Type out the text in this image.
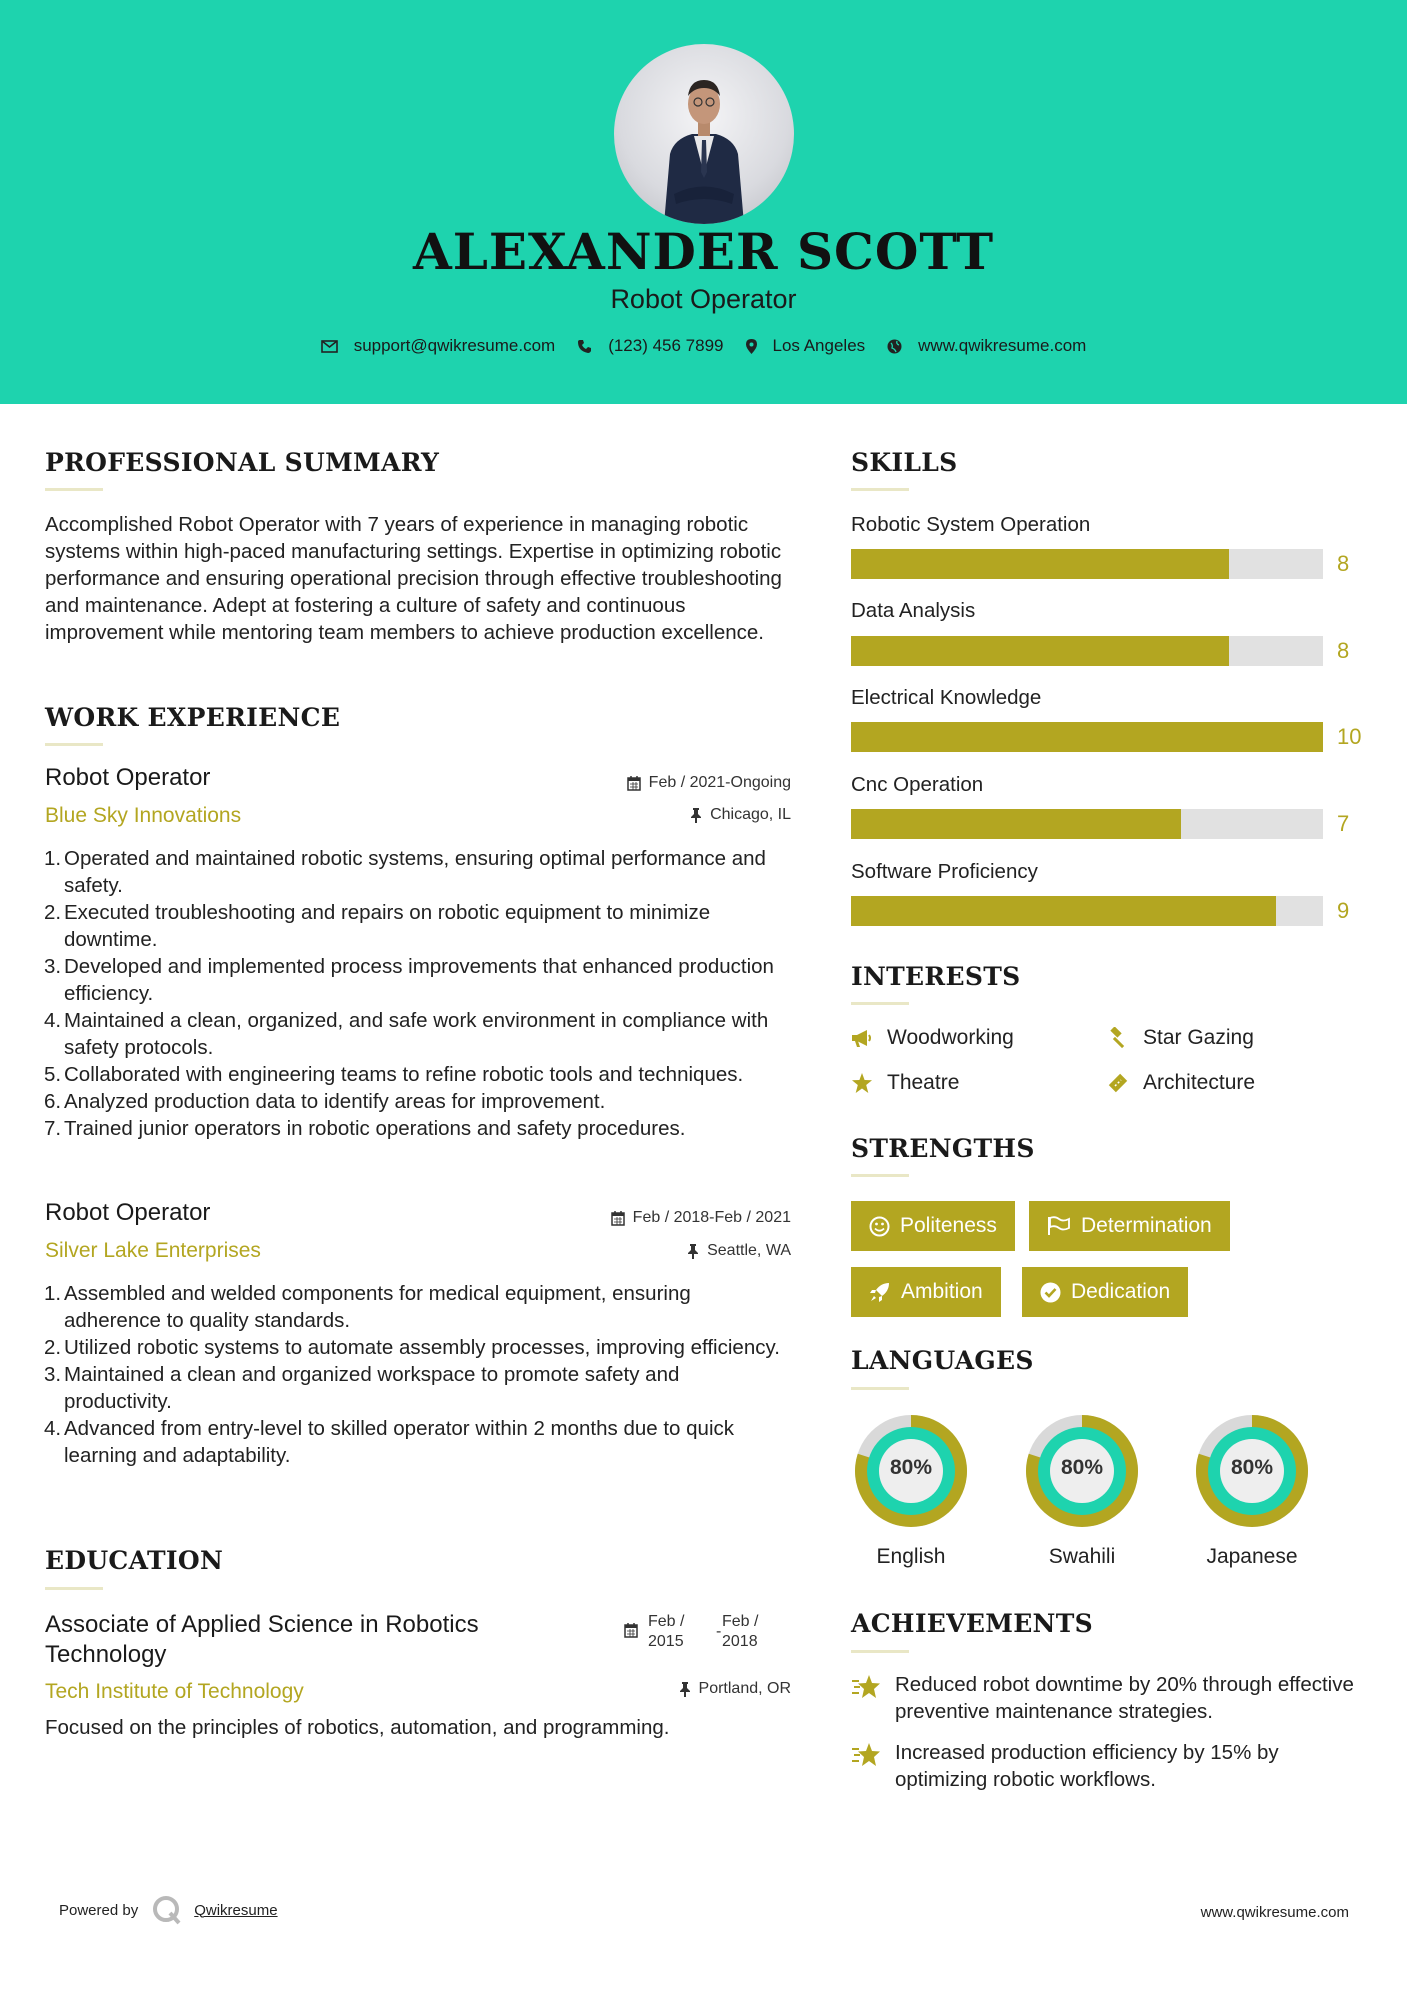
ALEXANDER SCOTT
Robot Operator
support@qwikresume.com	(123) 456 7899	Los Angeles	www.qwikresume.com
PROFESSIONAL SUMMARY
Accomplished Robot Operator with 7 years of experience in managing robotic systems within high-paced manufacturing settings. Expertise in optimizing robotic performance and ensuring operational precision through effective troubleshooting and maintenance. Adept at fostering a culture of safety and continuous improvement while mentoring team members to achieve production excellence.
WORK EXPERIENCE
Robot Operator	Feb / 2021-Ongoing
Blue Sky Innovations	Chicago, IL
1. Operated and maintained robotic systems, ensuring optimal performance and safety.
2. Executed troubleshooting and repairs on robotic equipment to minimize downtime.
3. Developed and implemented process improvements that enhanced production efficiency.
4. Maintained a clean, organized, and safe work environment in compliance with safety protocols.
5. Collaborated with engineering teams to refine robotic tools and techniques.
6. Analyzed production data to identify areas for improvement.
7. Trained junior operators in robotic operations and safety procedures.
Robot Operator	Feb / 2018-Feb / 2021
Silver Lake Enterprises	Seattle, WA
1. Assembled and welded components for medical equipment, ensuring adherence to quality standards.
2. Utilized robotic systems to automate assembly processes, improving efficiency.
3. Maintained a clean and organized workspace to promote safety and productivity.
4. Advanced from entry-level to skilled operator within 2 months due to quick learning and adaptability.
EDUCATION
Associate of Applied Science in Robotics Technology
Feb /
2015
-
Feb /
2018
Tech Institute of Technology	Portland, OR
Focused on the principles of robotics, automation, and programming.
SKILLS
Robotic System Operation
8
Data Analysis
8
Electrical Knowledge
10
Cnc Operation
7
Software Proficiency
9
INTERESTS
Woodworking	Star Gazing
Theatre	Architecture
STRENGTHS
Politeness	Determination
Ambition	Dedication
LANGUAGES
80%
English
80%
Swahili
80%
Japanese
ACHIEVEMENTS
Reduced robot downtime by 20% through effective preventive maintenance strategies.
Increased production efficiency by 15% by optimizing robotic workflows.
Powered by	Qwikresume	www.qwikresume.com
